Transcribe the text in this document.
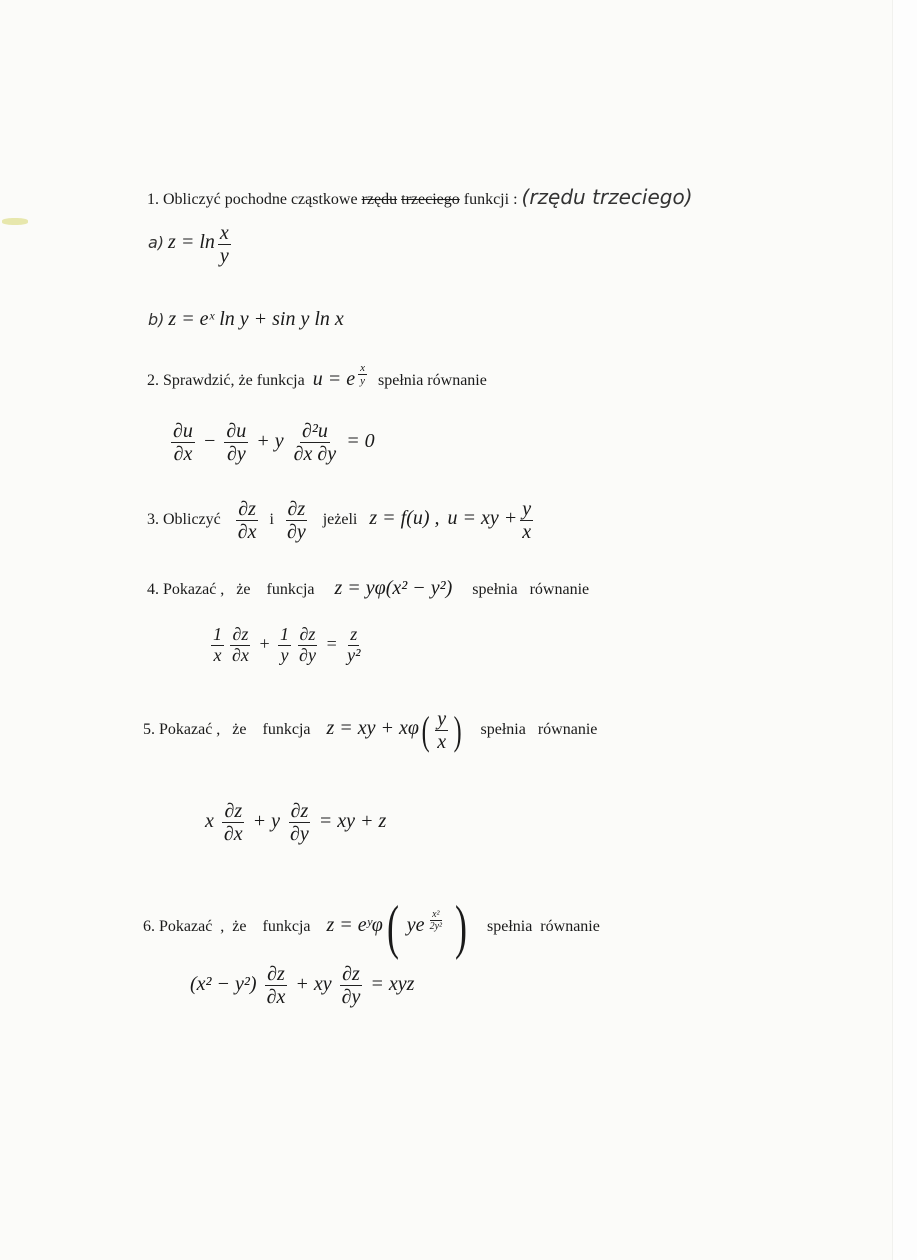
1. Obliczyć pochodne cząstkowe rzędu trzeciego funkcji : (rzędu trzeciego)
a) $z = \ln \frac{x}{y}$
b) z = eˣ ln y + sin y ln x
2. Sprawdzić, że funkcja u = e $\frac{x}{y}$ spełnia równanie
$\frac{\partial u}{\partial x} - \frac{\partial u}{\partial y} + y \frac{\text{∂²u}}{\partial x \partial y} = 0$
3. Obliczyć $\frac{\partial z}{\partial x}$ i $\frac{\partial z}{\partial y}$ jeżeli z = f(u) , u = xy + $\frac{y}{x}$
4. Pokazać ,   że    funkcja z = yφ(x² − y²) spełnia   równanie
$\frac{1}{x} \frac{\partial z}{\partial x} + \frac{1}{y} \frac{\partial z}{\partial y} = \frac{z}{\text{y²}}$
5. Pokazać ,   że    funkcja z = xy + $x\varphi( \frac{y}{x}$ ) spełnia   równanie
x $\frac{\partial z}{\partial x} + y \frac{\partial z}{\partial y}$ = xy + z
6. Pokazać  ,  że    funkcja z = eʸφ( ye $\frac{\text{x²}}{\text{2y²}}$ ) spełnia  równanie
$(x^2 - y^2) \frac{\partial z}{\partial x}$ + xy $\frac{\partial z}{\partial y}$ = xyz
